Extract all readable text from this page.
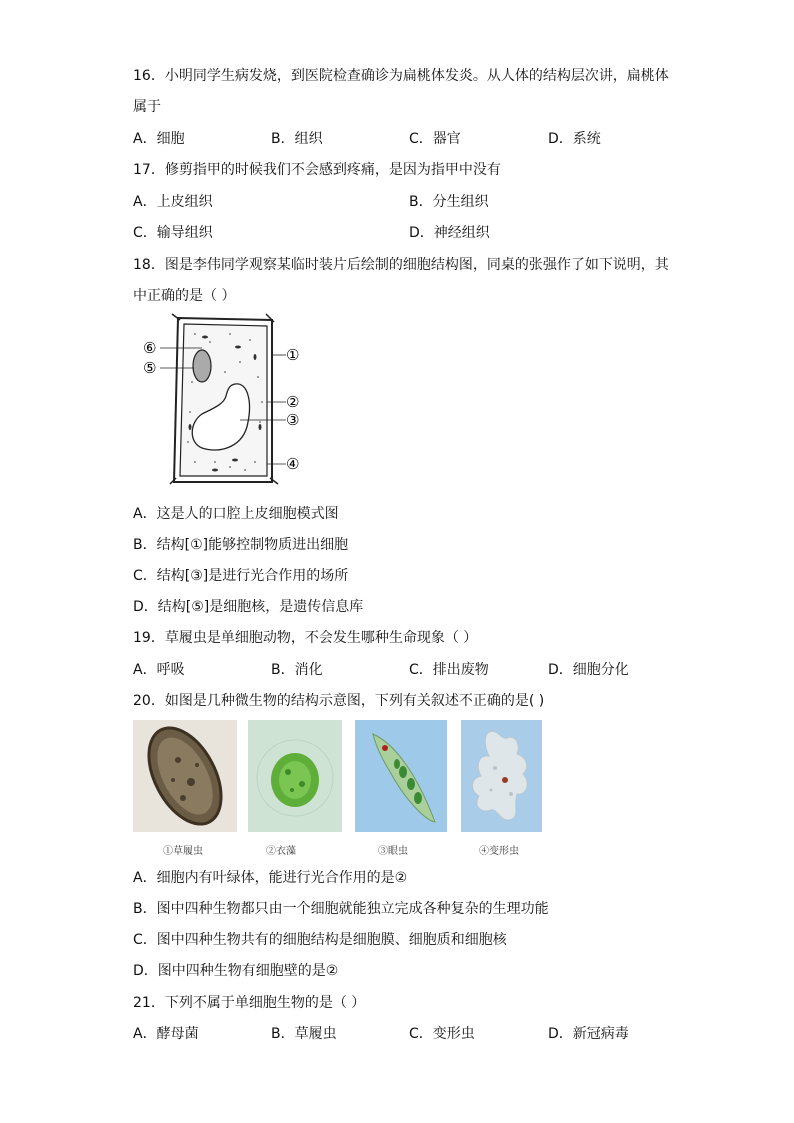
16．小明同学生病发烧，到医院检查确诊为扁桃体发炎。从人体的结构层次讲，扁桃体
属于
A．细胞	B．组织	C．器官	D．系统
17．修剪指甲的时候我们不会感到疼痛，是因为指甲中没有
A．上皮组织	B．分生组织
C．输导组织	D．神经组织
18．图是李伟同学观察某临时装片后绘制的细胞结构图，同桌的张强作了如下说明，其
中正确的是（ ）
⑥
⑤
①
②
③
④
A．这是人的口腔上皮细胞模式图
B．结构[①]能够控制物质进出细胞
C．结构[③]是进行光合作用的场所
D．结构[⑤]是细胞核，是遗传信息库
19．草履虫是单细胞动物，不会发生哪种生命现象（ ）
A．呼吸	B．消化	C．排出废物	D．细胞分化
20．如图是几种微生物的结构示意图，下列有关叙述不正确的是( )
①草履虫	②衣藻	③眼虫	④变形虫
A．细胞内有叶绿体，能进行光合作用的是②
B．图中四种生物都只由一个细胞就能独立完成各种复杂的生理功能
C．图中四种生物共有的细胞结构是细胞膜、细胞质和细胞核
D．图中四种生物有细胞壁的是②
21．下列不属于单细胞生物的是（ ）
A．酵母菌	B．草履虫	C．变形虫	D．新冠病毒
